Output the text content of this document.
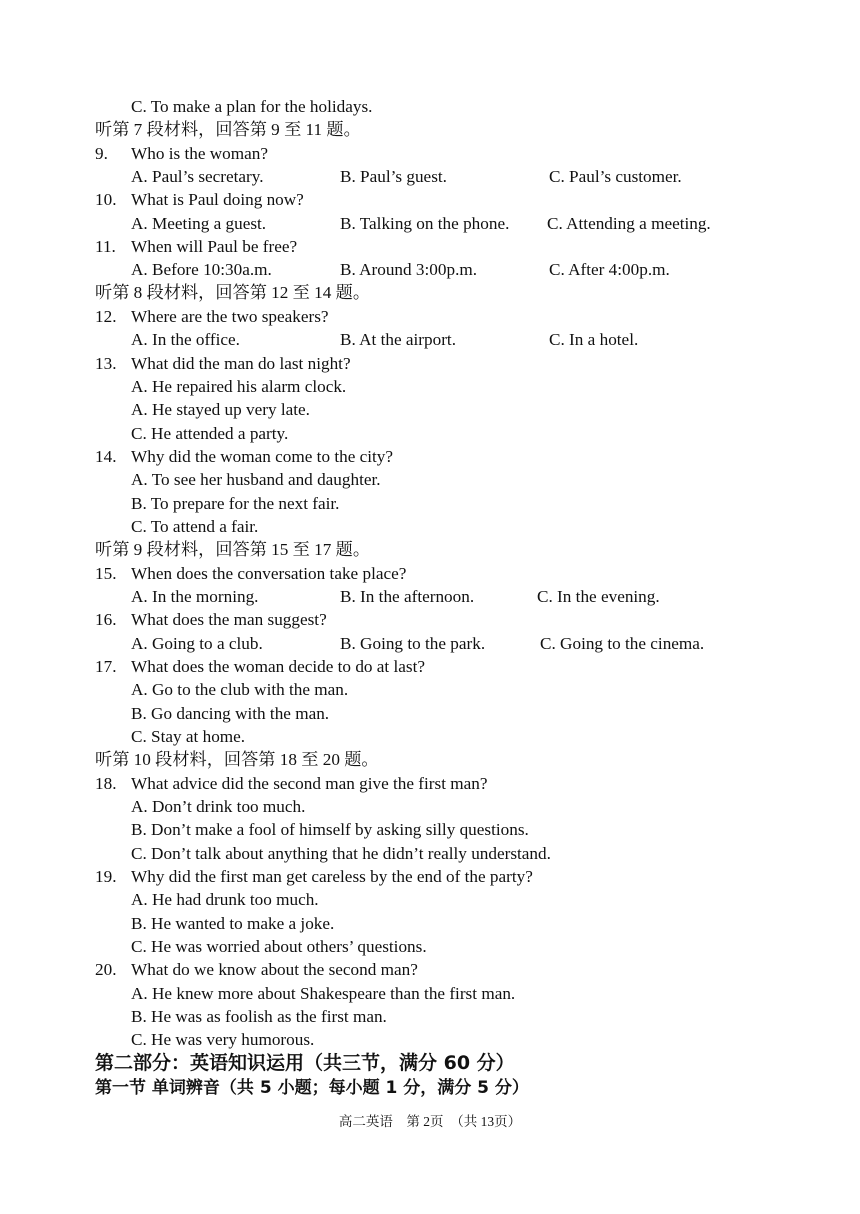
C. To make a plan for the holidays.
听第 7 段材料，回答第 9 至 11 题。
9. Who is the woman?
A. Paul’s secretary.	B. Paul’s guest.	C. Paul’s customer.
10. What is Paul doing now?
A. Meeting a guest.	B. Talking on the phone. C. Attending a meeting.
11. When will Paul be free?
A. Before 10:30a.m.	B. Around 3:00p.m.	C. After 4:00p.m.
听第 8 段材料，回答第 12 至 14 题。
12. Where are the two speakers?
A. In the office.	B. At the airport.	C. In a hotel.
13. What did the man do last night?
A. He repaired his alarm clock.
A. He stayed up very late.
C. He attended a party.
14. Why did the woman come to the city?
A. To see her husband and daughter.
B. To prepare for the next fair.
C. To attend a fair.
听第 9 段材料，回答第 15 至 17 题。
15. When does the conversation take place?
A. In the morning.	B. In the afternoon.	C. In the evening.
16. What does the man suggest?
A. Going to a club.	B. Going to the park.	C. Going to the cinema.
17. What does the woman decide to do at last?
A. Go to the club with the man.
B. Go dancing with the man.
C. Stay at home.
听第 10 段材料，回答第 18 至 20 题。
18. What advice did the second man give the first man?
A. Don’t drink too much.
B. Don’t make a fool of himself by asking silly questions.
C. Don’t talk about anything that he didn’t really understand.
19. Why did the first man get careless by the end of the party?
A. He had drunk too much.
B. He wanted to make a joke.
C. He was worried about others’ questions.
20. What do we know about the second man?
A. He knew more about Shakespeare than the first man.
B. He was as foolish as the first man.
C. He was very humorous.
第二部分：英语知识运用（共三节，满分 60 分）
第一节 单词辨音（共 5 小题；每小题 1 分，满分 5 分）
高二英语　第 2页　（共 13页）
